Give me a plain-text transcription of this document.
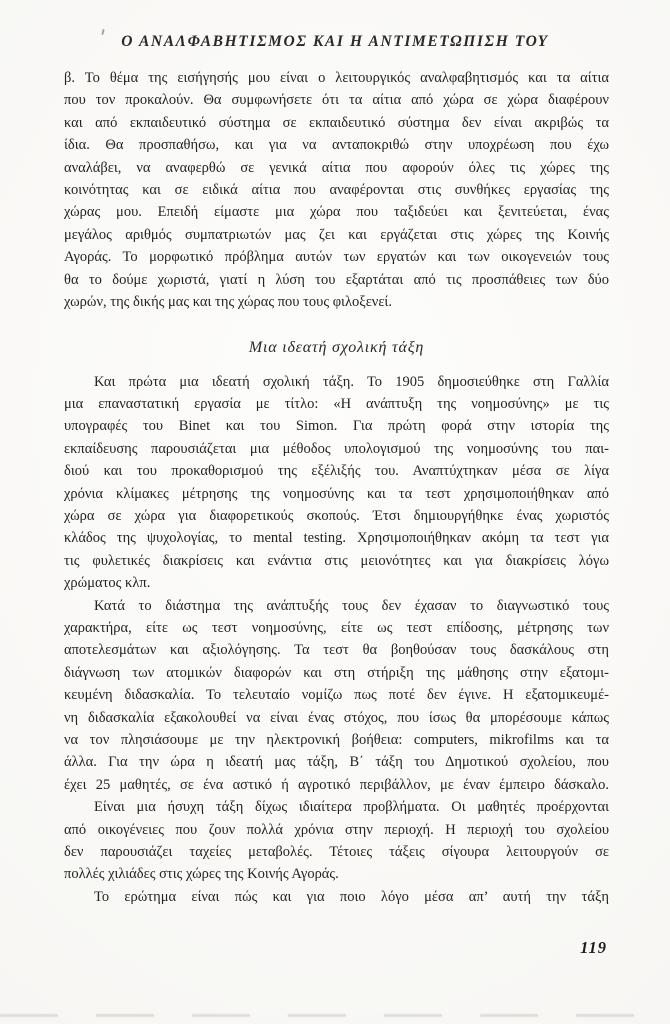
Ο ΑΝΑΛΦΑΒΗΤΙΣΜΟΣ ΚΑΙ Η ΑΝΤΙΜΕΤΩΠΙΣΗ ΤΟΥ
β. Το θέμα της εισήγησής μου είναι ο λειτουργικός αναλφαβητισμός και τα αίτια
που τον προκαλούν. Θα συμφωνήσετε ότι τα αίτια από χώρα σε χώρα διαφέρουν
και από εκπαιδευτικό σύστημα σε εκπαιδευτικό σύστημα δεν είναι ακριβώς τα
ίδια. Θα προσπαθήσω, και για να ανταποκριθώ στην υποχρέωση που έχω
αναλάβει, να αναφερθώ σε γενικά αίτια που αφορούν όλες τις χώρες της
κοινότητας και σε ειδικά αίτια που αναφέρονται στις συνθήκες εργασίας της
χώρας μου. Επειδή είμαστε μια χώρα που ταξιδεύει και ξενιτεύεται, ένας
μεγάλος αριθμός συμπατριωτών μας ζει και εργάζεται στις χώρες της Κοινής
Αγοράς. Το μορφωτικό πρόβλημα αυτών των εργατών και των οικογενειών τους
θα το δούμε χωριστά, γιατί η λύση του εξαρτάται από τις προσπάθειες των δύο
χωρών, της δικής μας και της χώρας που τους φιλοξενεί.
Μια ιδεατή σχολική τάξη
Και πρώτα μια ιδεατή σχολική τάξη. Το 1905 δημοσιεύθηκε στη Γαλλία
μια επαναστατική εργασία με τίτλο: «Η ανάπτυξη της νοημοσύνης» με τις
υπογραφές του Binet και του Simon. Για πρώτη φορά στην ιστορία της
εκπαίδευσης παρουσιάζεται μια μέθοδος υπολογισμού της νοημοσύνης του παι-
διού και του προκαθορισμού της εξέλιξής του. Αναπτύχτηκαν μέσα σε λίγα
χρόνια κλίμακες μέτρησης της νοημοσύνης και τα τεστ χρησιμοποιήθηκαν από
χώρα σε χώρα για διαφορετικούς σκοπούς. Έτσι δημιουργήθηκε ένας χωριστός
κλάδος της ψυχολογίας, το mental testing. Χρησιμοποιήθηκαν ακόμη τα τεστ για
τις φυλετικές διακρίσεις και ενάντια στις μειονότητες και για διακρίσεις λόγω
χρώματος κλπ.
Κατά το διάστημα της ανάπτυξής τους δεν έχασαν το διαγνωστικό τους
χαρακτήρα, είτε ως τεστ νοημοσύνης, είτε ως τεστ επίδοσης, μέτρησης των
αποτελεσμάτων και αξιολόγησης. Τα τεστ θα βοηθούσαν τους δασκάλους στη
διάγνωση των ατομικών διαφορών και στη στήριξη της μάθησης στην εξατομι-
κευμένη διδασκαλία. Το τελευταίο νομίζω πως ποτέ δεν έγινε. Η εξατομικευμέ-
νη διδασκαλία εξακολουθεί να είναι ένας στόχος, που ίσως θα μπορέσουμε κάπως
να τον πλησιάσουμε με την ηλεκτρονική βοήθεια: computers, mikrofilms και τα
άλλα. Για την ώρα η ιδεατή μας τάξη, Β΄ τάξη του Δημοτικού σχολείου, που
έχει 25 μαθητές, σε ένα αστικό ή αγροτικό περιβάλλον, με έναν έμπειρο δάσκαλο.
Είναι μια ήσυχη τάξη δίχως ιδιαίτερα προβλήματα. Οι μαθητές προέρχονται
από οικογένειες που ζουν πολλά χρόνια στην περιοχή. Η περιοχή του σχολείου
δεν παρουσιάζει ταχείες μεταβολές. Τέτοιες τάξεις σίγουρα λειτουργούν σε
πολλές χιλιάδες στις χώρες της Κοινής Αγοράς.
Το ερώτημα είναι πώς και για ποιο λόγο μέσα απ’ αυτή την τάξη
119
